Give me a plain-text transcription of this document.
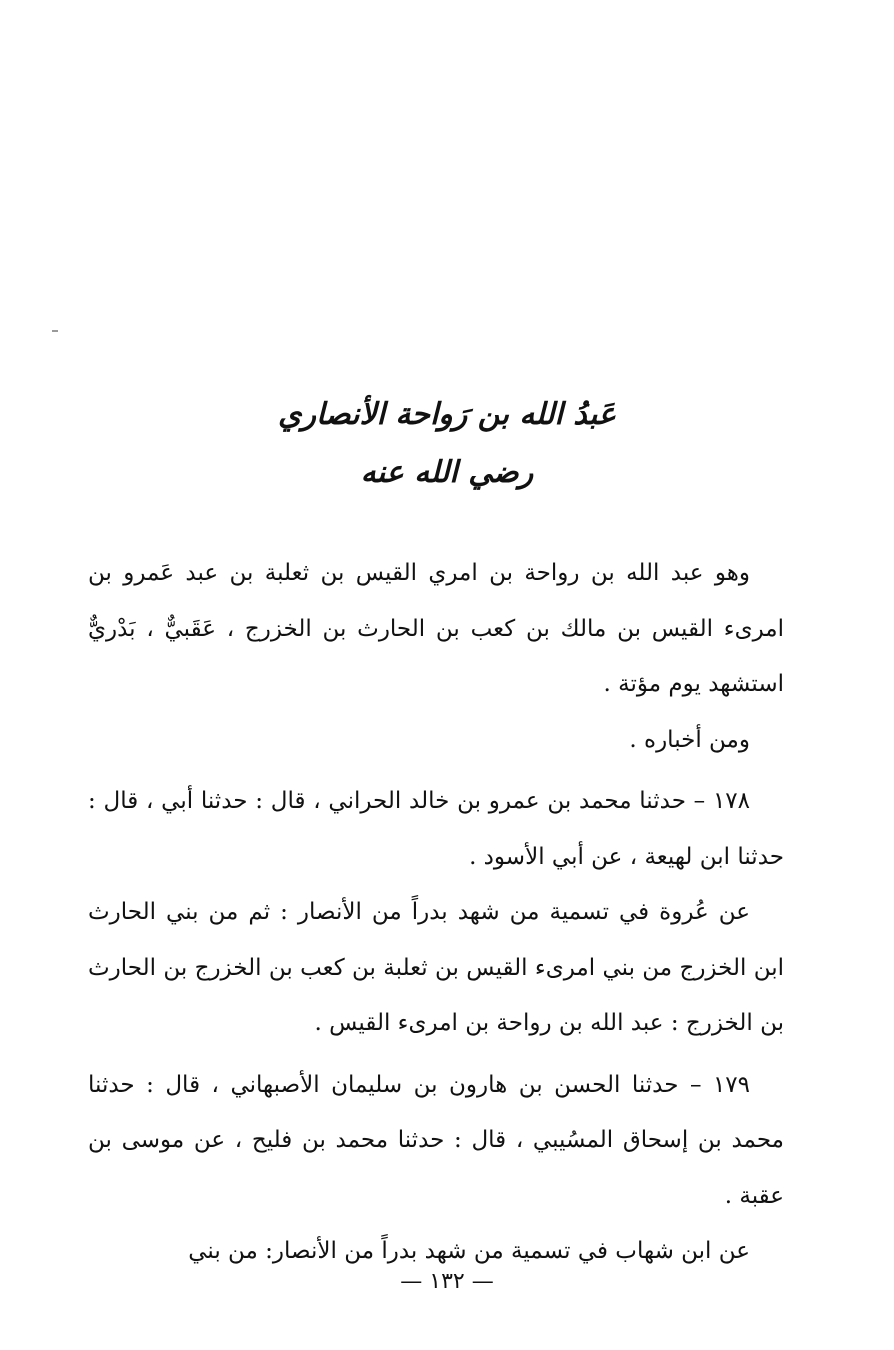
عَبدُ الله بن رَواحة الأنصاري
رضي الله عنه

وهو عبد الله بن رواحة بن امري القيس بن ثعلبة بن عبد عَمرو بن امرىء القيس بن مالك بن كعب بن الحارث بن الخزرج ، عَقَبيٌّ ، بَدْريٌّ استشهد يوم مؤتة .

ومن أخباره .

١٧٨ – حدثنا محمد بن عمرو بن خالد الحراني ، قال : حدثنا أبي ، قال : حدثنا ابن لهيعة ، عن أبي الأسود .

عن عُروة في تسمية من شهد بدراً من الأنصار : ثم من بني الحارث ابن الخزرج من بني امرىء القيس بن ثعلبة بن كعب بن الخزرج بن الحارث بن الخزرج : عبد الله بن رواحة بن امرىء القيس .

١٧٩ – حدثنا الحسن بن هارون بن سليمان الأصبهاني ، قال : حدثنا محمد بن إسحاق المسُيبي ، قال : حدثنا محمد بن فليح ، عن موسى بن عقبة .

عن ابن شهاب في تسمية من شهد بدراً من الأنصار: من بني

— ١٣٢ —
